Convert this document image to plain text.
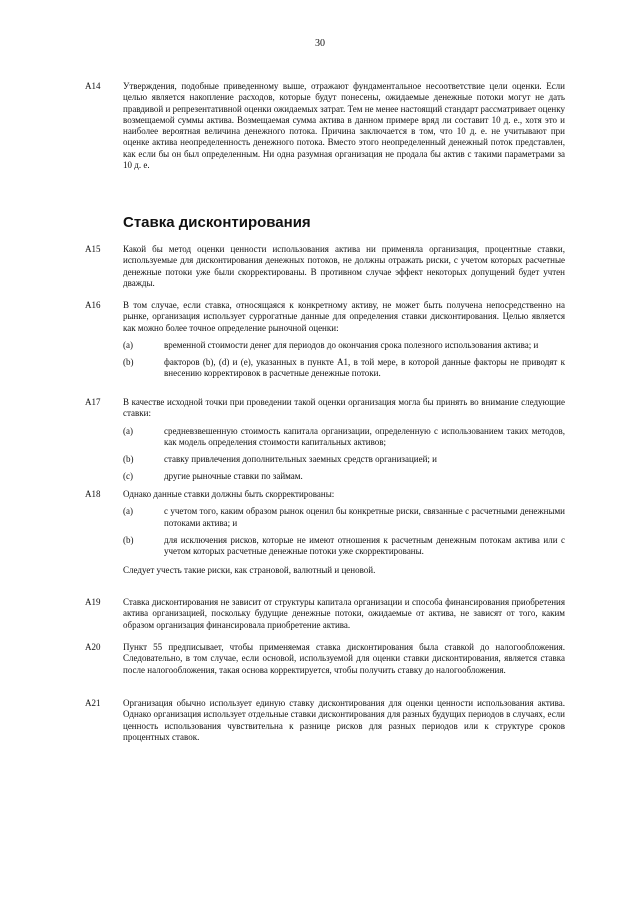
30
A14	Утверждения, подобные приведенному выше, отражают фундаментальное несоответствие цели оценки. Если целью является накопление расходов, которые будут понесены, ожидаемые денежные потоки могут не дать правдивой и репрезентативной оценки ожидаемых затрат. Тем не менее настоящий стандарт рассматривает оценку возмещаемой суммы актива. Возмещаемая сумма актива в данном примере вряд ли составит 10 д. е., хотя это и наиболее вероятная величина денежного потока. Причина заключается в том, что 10 д. е. не учитывают при оценке актива неопределенность денежного потока. Вместо этого неопределенный денежный поток представлен, как если бы он был определенным. Ни одна разумная организация не продала бы актив с такими параметрами за 10 д. е.

Ставка дисконтирования
A15	Какой бы метод оценки ценности использования актива ни применяла организация, процентные ставки, используемые для дисконтирования денежных потоков, не должны отражать риски, с учетом которых расчетные денежные потоки уже были скорректированы. В противном случае эффект некоторых допущений будет учтен дважды.

A16	В том случае, если ставка, относящаяся к конкретному активу, не может быть получена непосредственно на рынке, организация использует суррогатные данные для определения ставки дисконтирования. Целью является как можно более точное определение рыночной оценки:

(a)	временной стоимости денег для периодов до окончания срока полезного использования актива; и
(b)	факторов (b), (d) и (e), указанных в пункте A1, в той мере, в которой данные факторы не приводят к внесению корректировок в расчетные денежные потоки.
A17	В качестве исходной точки при проведении такой оценки организация могла бы принять во внимание следующие ставки:

(a)	средневзвешенную стоимость капитала организации, определенную с использованием таких методов, как модель определения стоимости капитальных активов;
(b)	ставку привлечения дополнительных заемных средств организацией; и
(c)	другие рыночные ставки по займам.
A18	Однако данные ставки должны быть скорректированы:

(a)	с учетом того, каким образом рынок оценил бы конкретные риски, связанные с расчетными денежными потоками актива; и
(b)	для исключения рисков, которые не имеют отношения к расчетным денежным потокам актива или с учетом которых расчетные денежные потоки уже скорректированы.

Следует учесть такие риски, как страновой, валютный и ценовой.

A19	Ставка дисконтирования не зависит от структуры капитала организации и способа финансирования приобретения актива организацией, поскольку будущие денежные потоки, ожидаемые от актива, не зависят от того, каким образом организация финансировала приобретение актива.

A20	Пункт 55 предписывает, чтобы применяемая ставка дисконтирования была ставкой до налогообложения. Следовательно, в том случае, если основой, используемой для оценки ставки дисконтирования, является ставка после налогообложения, такая основа корректируется, чтобы получить ставку до налогообложения.

A21	Организация обычно использует единую ставку дисконтирования для оценки ценности использования актива. Однако организация использует отдельные ставки дисконтирования для разных будущих периодов в случаях, если ценность использования чувствительна к разнице рисков для разных периодов или к структуре сроков процентных ставок.
